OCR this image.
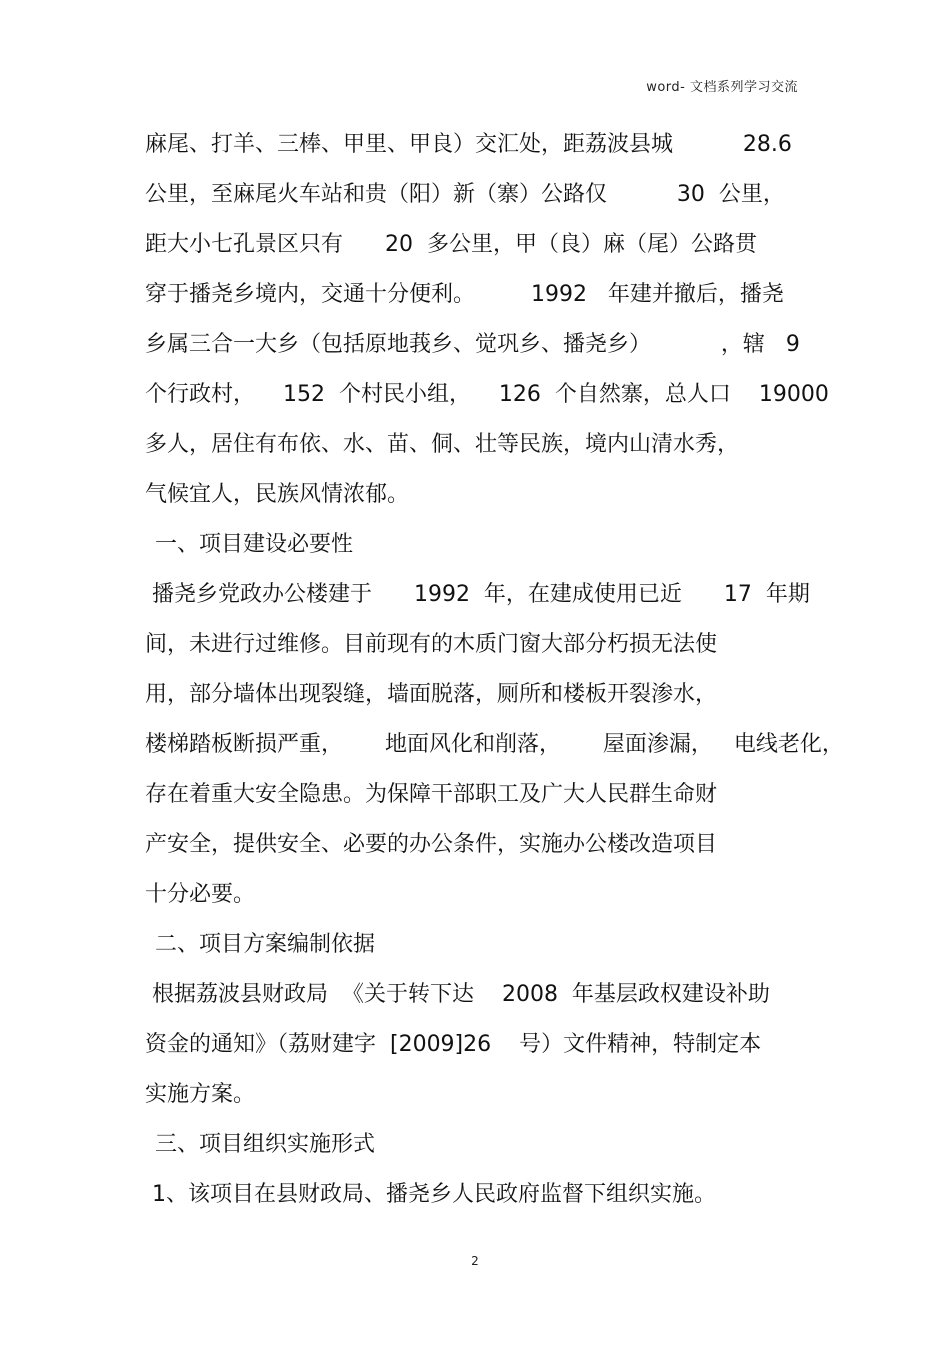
word- 文档系列学习交流
麻尾、打羊、三棒、甲里、甲良）交汇处，距荔波县城          28.6
公里，至麻尾火车站和贵（阳）新（寨）公路仅          30  公里，
距大小七孔景区只有      20  多公里，甲（良）麻（尾）公路贯
穿于播尧乡境内，交通十分便利。        1992   年建并撤后，播尧
乡属三合一大乡（包括原地莪乡、觉巩乡、播尧乡）          ，辖   9
个行政村，    152  个村民小组，    126  个自然寨，总人口    19000
多人，居住有布依、水、苗、侗、壮等民族，境内山清水秀，
气候宜人，民族风情浓郁。
一、项目建设必要性
播尧乡党政办公楼建于      1992  年，在建成使用已近      17  年期
间，未进行过维修。目前现有的木质门窗大部分朽损无法使
用，部分墙体出现裂缝，墙面脱落，厕所和楼板开裂渗水，
楼梯踏板断损严重，      地面风化和削落，      屋面渗漏，   电线老化，
存在着重大安全隐患。为保障干部职工及广大人民群生命财
产安全，提供安全、必要的办公条件，实施办公楼改造项目
十分必要。
二、项目方案编制依据
根据荔波县财政局  《关于转下达    2008  年基层政权建设补助
资金的通知》（荔财建字  [2009]26    号）文件精神，特制定本
实施方案。
三、项目组织实施形式
1、该项目在县财政局、播尧乡人民政府监督下组织实施。
2
